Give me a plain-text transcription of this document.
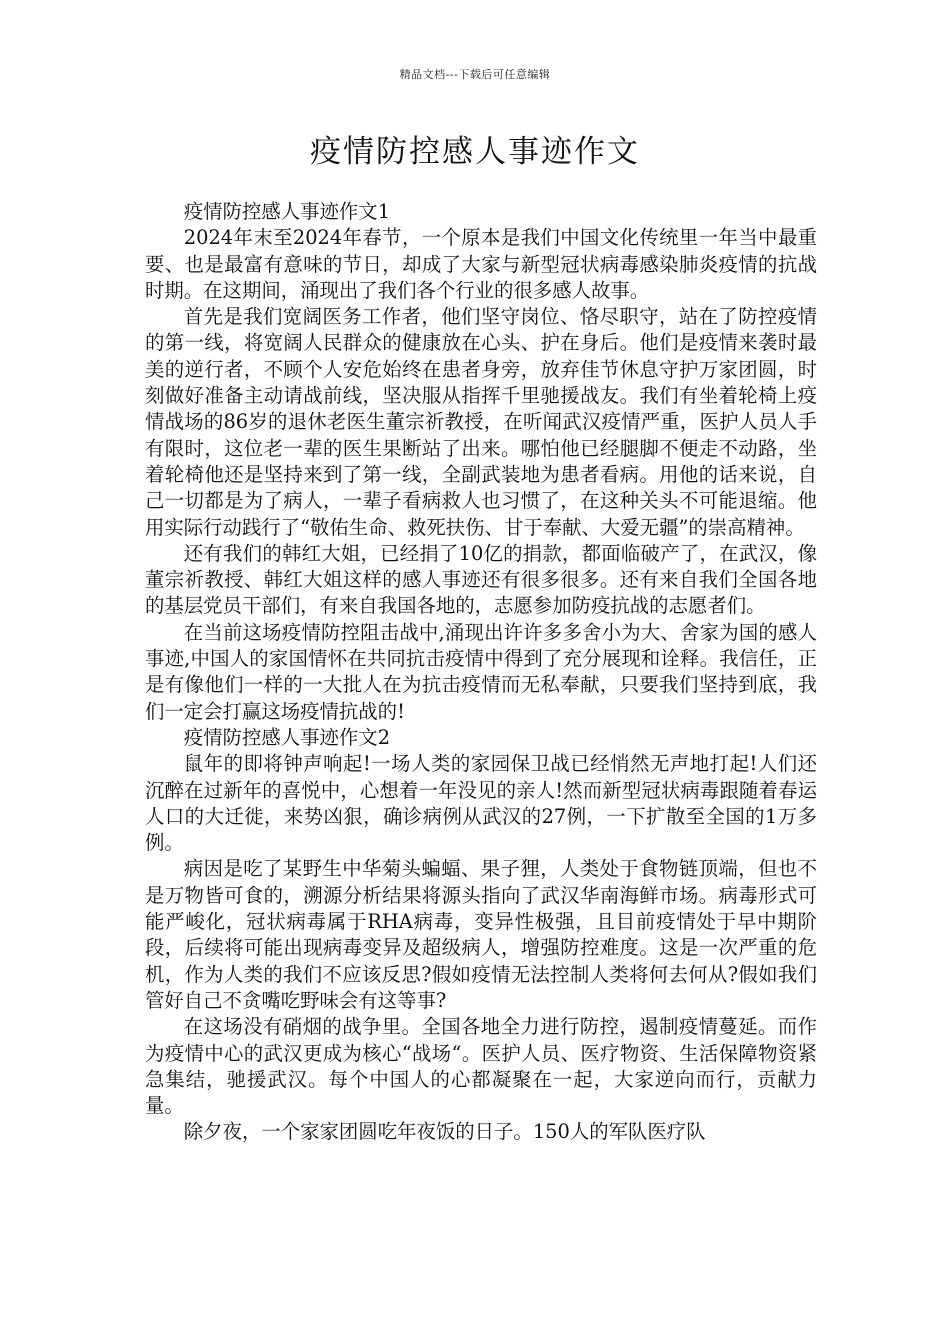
精品文档---下载后可任意编辑
疫情防控感人事迹作文

疫情防控感人事迹作文1

2024年末至2024年春节，一个原本是我们中国文化传统里一年当中最重要、也是最富有意味的节日，却成了大家与新型冠状病毒感染肺炎疫情的抗战时期。在这期间，涌现出了我们各个行业的很多感人故事。

首先是我们宽阔医务工作者，他们坚守岗位、恪尽职守，站在了防控疫情的第一线，将宽阔人民群众的健康放在心头、护在身后。他们是疫情来袭时最美的逆行者，不顾个人安危始终在患者身旁，放弃佳节休息守护万家团圆，时刻做好准备主动请战前线，坚决服从指挥千里驰援战友。我们有坐着轮椅上疫情战场的86岁的退休老医生董宗祈教授，在听闻武汉疫情严重，医护人员人手有限时，这位老一辈的医生果断站了出来。哪怕他已经腿脚不便走不动路，坐着轮椅他还是坚持来到了第一线，全副武装地为患者看病。用他的话来说，自己一切都是为了病人，一辈子看病救人也习惯了，在这种关头不可能退缩。他用实际行动践行了“敬佑生命、救死扶伤、甘于奉献、大爱无疆”的崇高精神。

还有我们的韩红大姐，已经捐了10亿的捐款，都面临破产了，在武汉，像董宗祈教授、韩红大姐这样的感人事迹还有很多很多。还有来自我们全国各地的基层党员干部们，有来自我国各地的，志愿参加防疫抗战的志愿者们。

在当前这场疫情防控阻击战中,涌现出许许多多舍小为大、舍家为国的感人事迹,中国人的家国情怀在共同抗击疫情中得到了充分展现和诠释。我信任，正是有像他们一样的一大批人在为抗击疫情而无私奉献，只要我们坚持到底，我们一定会打赢这场疫情抗战的!

疫情防控感人事迹作文2

鼠年的即将钟声响起!一场人类的家园保卫战已经悄然无声地打起!人们还沉醉在过新年的喜悦中，心想着一年没见的亲人!然而新型冠状病毒跟随着春运人口的大迁徙，来势凶狠，确诊病例从武汉的27例，一下扩散至全国的1万多例。

病因是吃了某野生中华菊头蝙蝠、果子狸，人类处于食物链顶端，但也不是万物皆可食的，溯源分析结果将源头指向了武汉华南海鲜市场。病毒形式可能严峻化，冠状病毒属于RHA病毒，变异性极强，且目前疫情处于早中期阶段，后续将可能出现病毒变异及超级病人，增强防控难度。这是一次严重的危机，作为人类的我们不应该反思?假如疫情无法控制人类将何去何从?假如我们管好自己不贪嘴吃野味会有这等事?

在这场没有硝烟的战争里。全国各地全力进行防控，遏制疫情蔓延。而作为疫情中心的武汉更成为核心“战场“。医护人员、医疗物资、生活保障物资紧急集结，驰援武汉。每个中国人的心都凝聚在一起，大家逆向而行，贡献力量。

除夕夜，一个家家团圆吃年夜饭的日子。150人的军队医疗队
